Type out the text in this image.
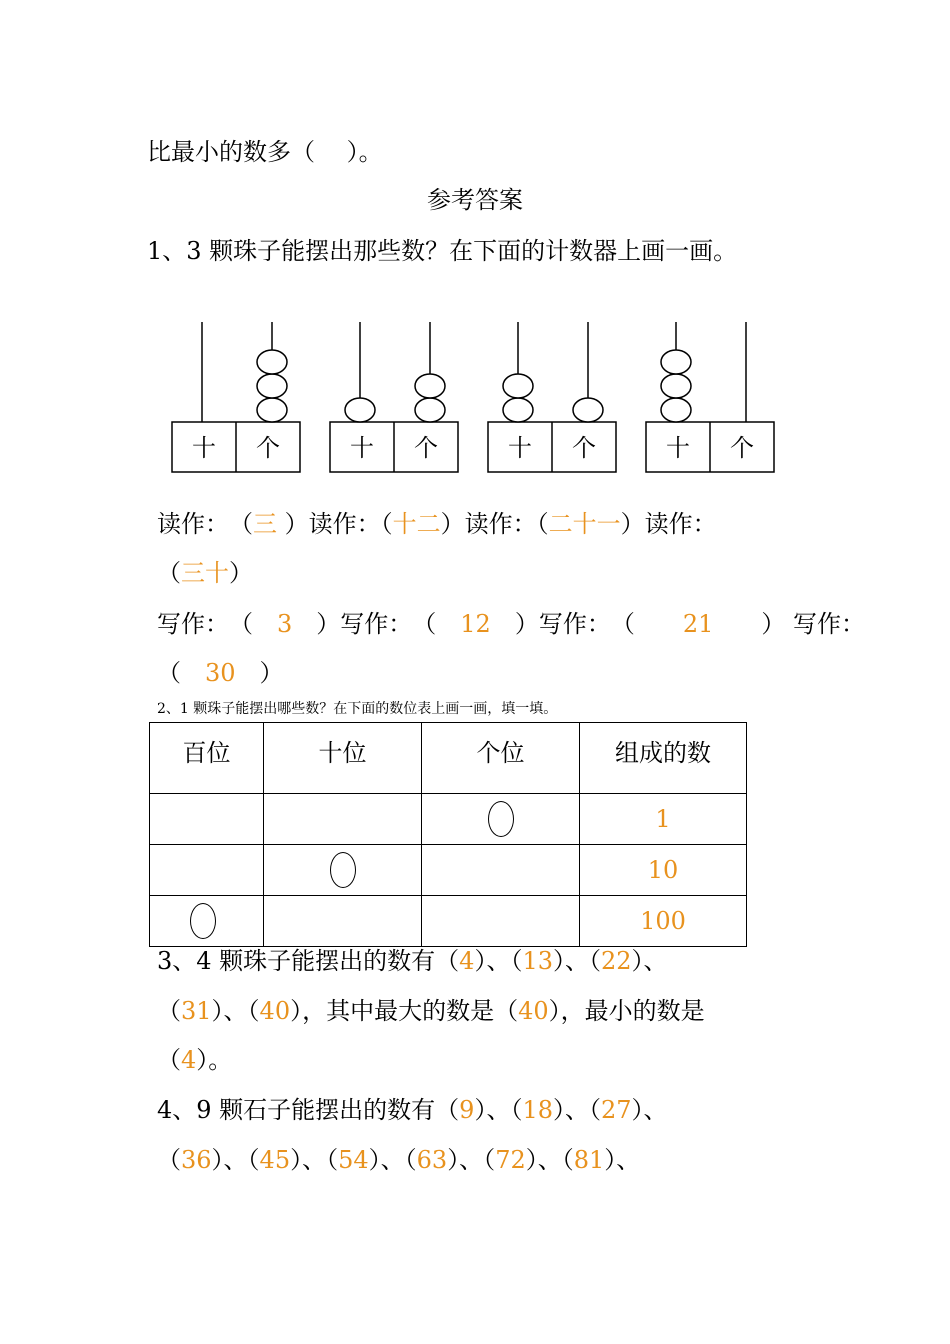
比最小的数多（　 ）。
参考答案
1、3 颗珠子能摆出那些数？在下面的计数器上画一画。
十 个	十 个	十 个	十 个
读作：　（三 ）读作：（十二）读作：（二十一）读作：
（三十）
写作：　（　3　）写作：　（　12　）写作：　（　　21　　） 写作：
（　30　）
2、1 颗珠子能摆出哪些数？在下面的数位表上画一画，填一填。
百位	十位	个位	组成的数
			1
			10
			100
3、4 颗珠子能摆出的数有（4）、（13）、（22）、
（31）、（40），其中最大的数是（40），最小的数是
（4）。
4、9 颗石子能摆出的数有（9）、（18）、（27）、
（36）、（45）、（54）、（63）、（72）、（81）、
